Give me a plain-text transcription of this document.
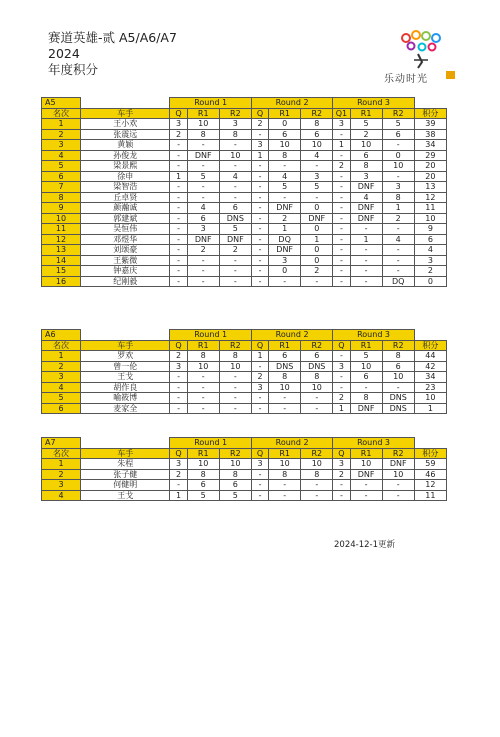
赛道英雄-贰 A5/A6/A7
2024
年度积分
乐动时光
A5		Round 1			Round 2			Round 3			
名次	车手	Q	R1	R2	Q	R1	R2	Q1	R1	R2	积分
1	王小欢	3	10	3	2	0	8	3	5	5	39
2	张震远	2	8	8	-	6	6	-	2	6	38
3	黄颖	-	-	-	3	10	10	1	10	-	34
4	孙俊龙	-	DNF	10	1	8	4	-	6	0	29
5	梁景熙	-	-	-	-	-	-	2	8	10	20
6	徐申	1	5	4	-	4	3	-	3	-	20
7	梁智浩	-	-	-	-	5	5	-	DNF	3	13
8	丘卓贤	-	-	-	-	-	-	-	4	8	12
9	颜瀚诚	-	4	6	-	DNF	0	-	DNF	1	11
10	郭建斌	-	6	DNS	-	2	DNF	-	DNF	2	10
11	吴恒伟	-	3	5	-	1	0	-	-	-	9
12	邓煜华	-	DNF	DNF	-	DQ	1	-	1	4	6
13	刘颂豪	-	2	2	-	DNF	0	-	-	-	4
14	王紫微	-	-	-	-	3	0	-	-	-	3
15	钟嘉庆	-	-	-	-	0	2	-	-	-	2
16	纪刚毅	-	-	-	-	-	-	-	-	DQ	0
A6		Round 1			Round 2			Round 3			
名次	车手	Q	R1	R2	Q	R1	R2	Q	R1	R2	积分
1	罗欢	2	8	8	1	6	6	-	5	8	44
2	曾一伦	3	10	10	-	DNS	DNS	3	10	6	42
3	王戈	-	-	-	2	8	8	-	6	10	34
4	胡作良	-	-	-	3	10	10	-	-	-	23
5	喻筱博	-	-	-	-	-	-	2	8	DNS	10
6	麦家全	-	-	-	-	-	-	1	DNF	DNS	1
A7		Round 1			Round 2			Round 3			
名次	车手	Q	R1	R2	Q	R1	R2	Q	R1	R2	积分
1	朱程	3	10	10	3	10	10	3	10	DNF	59
2	张子健	2	8	8	-	8	8	2	DNF	10	46
3	何健明	-	6	6	-	-	-	-	-	-	12
4	王戈	1	5	5	-	-	-	-	-	-	11
2024-12-1更新
